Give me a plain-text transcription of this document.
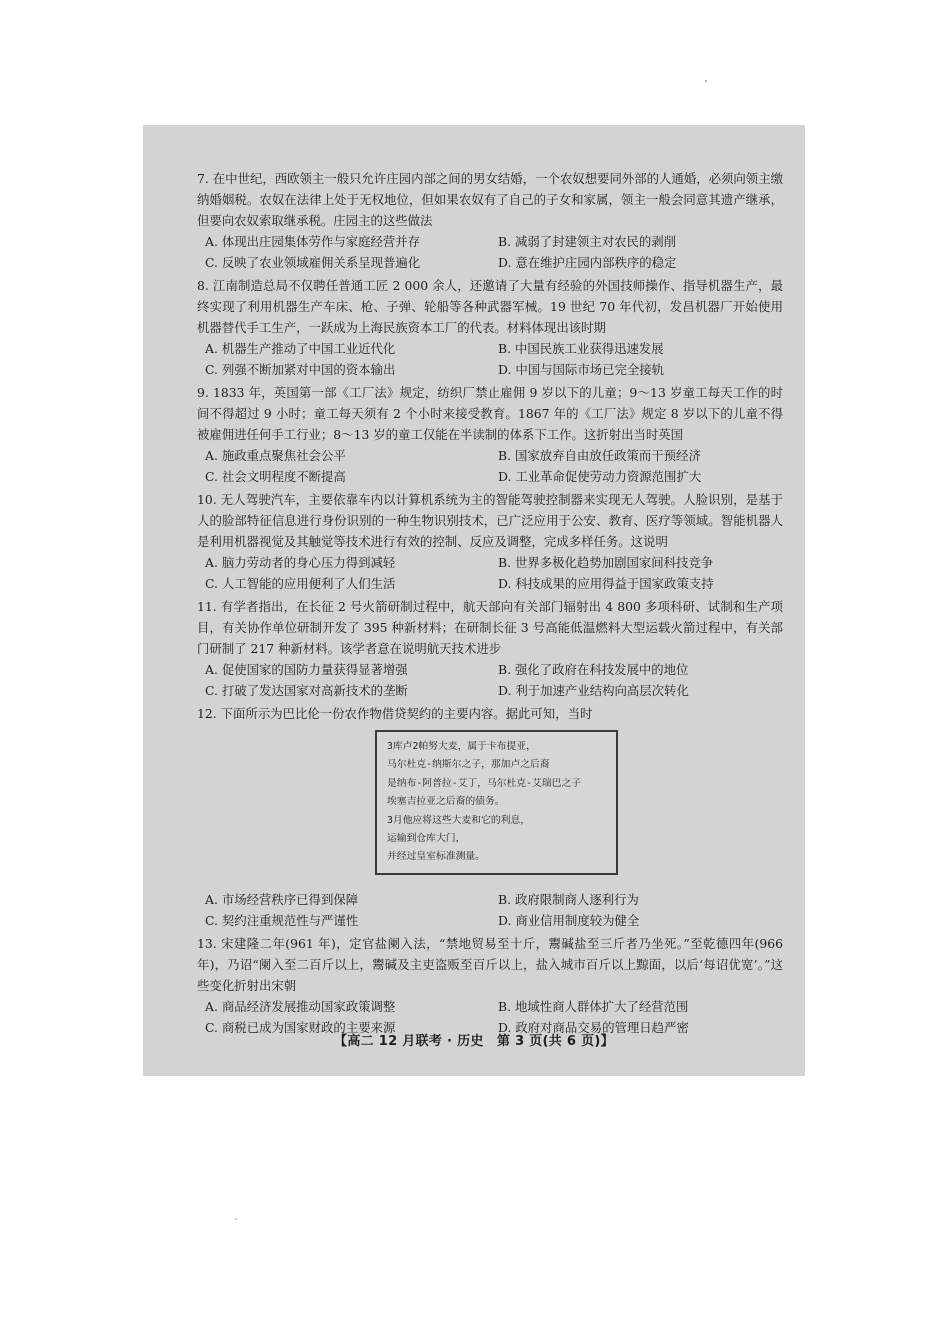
7. 在中世纪，西欧领主一般只允许庄园内部之间的男女结婚，一个农奴想要同外部的人通婚，必须向领主缴纳婚姻税。农奴在法律上处于无权地位，但如果农奴有了自己的子女和家属，领主一般会同意其遗产继承，但要向农奴索取继承税。庄园主的这些做法

A. 体现出庄园集体劳作与家庭经营并存	B. 减弱了封建领主对农民的剥削
C. 反映了农业领域雇佣关系呈现普遍化	D. 意在维护庄园内部秩序的稳定

8. 江南制造总局不仅聘任普通工匠 2 000 余人，还邀请了大量有经验的外国技师操作、指导机器生产，最终实现了利用机器生产车床、枪、子弹、轮船等各种武器军械。19 世纪 70 年代初，发昌机器厂开始使用机器替代手工生产，一跃成为上海民族资本工厂的代表。材料体现出该时期

A. 机器生产推动了中国工业近代化	B. 中国民族工业获得迅速发展
C. 列强不断加紧对中国的资本输出	D. 中国与国际市场已完全接轨

9. 1833 年，英国第一部《工厂法》规定，纺织厂禁止雇佣 9 岁以下的儿童；9～13 岁童工每天工作的时间不得超过 9 小时；童工每天须有 2 个小时来接受教育。1867 年的《工厂法》规定 8 岁以下的儿童不得被雇佣进任何手工行业；8～13 岁的童工仅能在半读制的体系下工作。这折射出当时英国

A. 施政重点聚焦社会公平	B. 国家放弃自由放任政策而干预经济
C. 社会文明程度不断提高	D. 工业革命促使劳动力资源范围扩大

10. 无人驾驶汽车，主要依靠车内以计算机系统为主的智能驾驶控制器来实现无人驾驶。人脸识别，是基于人的脸部特征信息进行身份识别的一种生物识别技术，已广泛应用于公安、教育、医疗等领域。智能机器人是利用机器视觉及其触觉等技术进行有效的控制、反应及调整，完成多样任务。这说明

A. 脑力劳动者的身心压力得到减轻	B. 世界多极化趋势加剧国家间科技竞争
C. 人工智能的应用便利了人们生活	D. 科技成果的应用得益于国家政策支持

11. 有学者指出，在长征 2 号火箭研制过程中，航天部向有关部门辐射出 4 800 多项科研、试制和生产项目，有关协作单位研制开发了 395 种新材料；在研制长征 3 号高能低温燃料大型运载火箭过程中，有关部门研制了 217 种新材料。该学者意在说明航天技术进步

A. 促使国家的国防力量获得显著增强	B. 强化了政府在科技发展中的地位
C. 打破了发达国家对高新技术的垄断	D. 利于加速产业结构向高层次转化

12. 下面所示为巴比伦一份农作物借贷契约的主要内容。据此可知，当时

3库卢2帕努大麦，属于卡布提亚，
马尔杜克-纳斯尔之子，那加卢之后裔
是纳布-阿普拉-艾丁，马尔杜克-艾瑞巴之子
埃塞吉拉亚之后裔的债务。
3月他应将这些大麦和它的利息，
运输到仓库大门，
并经过皇室标准测量。
A. 市场经营秩序已得到保障	B. 政府限制商人逐利行为
C. 契约注重规范性与严谨性	D. 商业信用制度较为健全

13. 宋建隆二年(961 年)，定官盐阑入法，“禁地贸易至十斤，鬻碱盐至三斤者乃坐死。”至乾德四年(966 年)，乃诏“阑入至二百斤以上，鬻碱及主吏盗贩至百斤以上，盐入城市百斤以上黥面，以后‘每诏优宽’。”这些变化折射出宋朝

A. 商品经济发展推动国家政策调整	B. 地域性商人群体扩大了经营范围
C. 商税已成为国家财政的主要来源	D. 政府对商品交易的管理日趋严密
【高二 12 月联考 · 历史　第 3 页(共 6 页)】
